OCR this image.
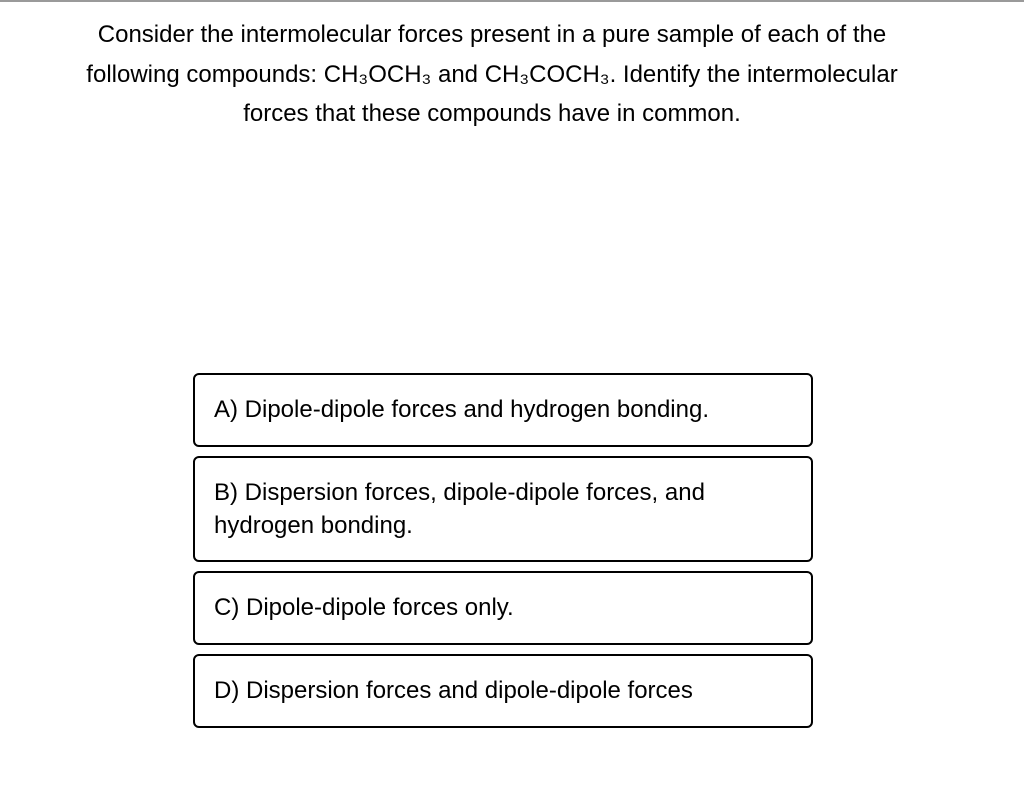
Consider the intermolecular forces present in a pure sample of each of the
following compounds: CH₃OCH₃ and CH₃COCH₃. Identify the intermolecular
forces that these compounds have in common.

A) Dipole-dipole forces and hydrogen bonding.
B) Dispersion forces, dipole-dipole forces, and hydrogen bonding.
C) Dipole-dipole forces only.
D) Dispersion forces and dipole-dipole forces
